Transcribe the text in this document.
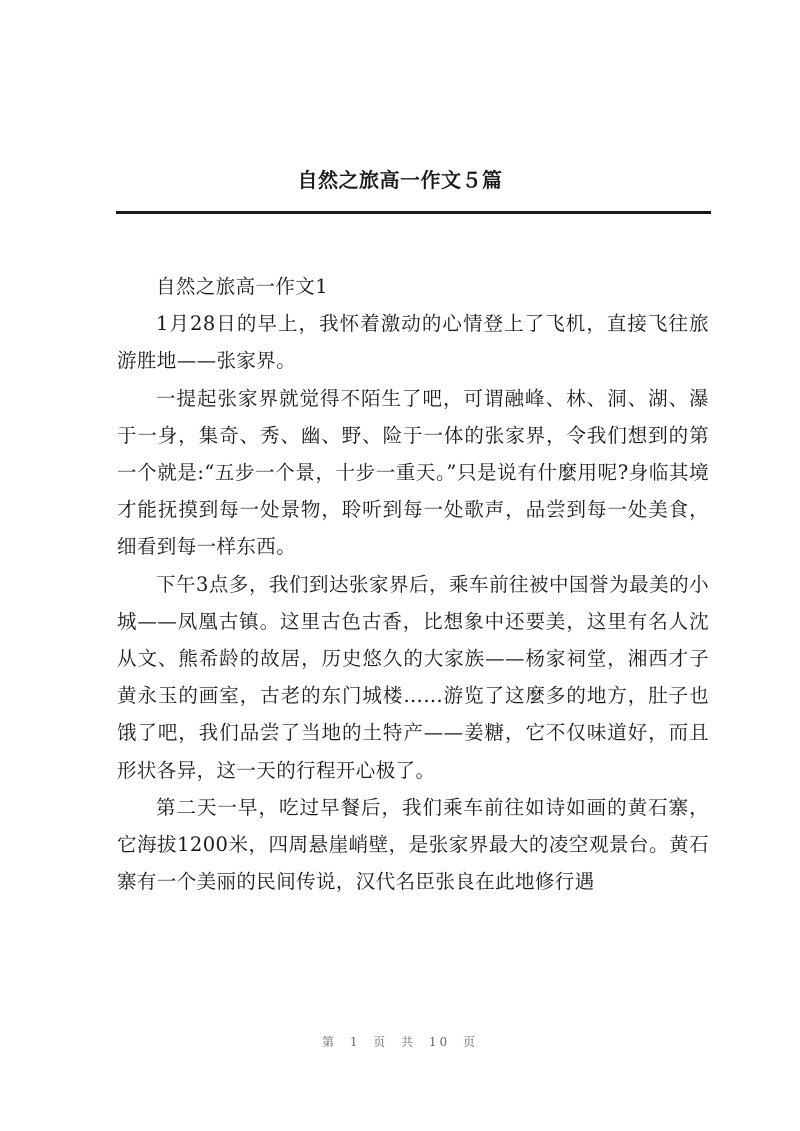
自然之旅高一作文５篇

自然之旅高一作文1

1月28日的早上，我怀着激动的心情登上了飞机，直接飞往旅游胜地——张家界。

一提起张家界就觉得不陌生了吧，可谓融峰、林、洞、湖、瀑于一身，集奇、秀、幽、野、险于一体的张家界，令我们想到的第一个就是:“五步一个景，十步一重天。”只是说有什麼用呢?身临其境才能抚摸到每一处景物，聆听到每一处歌声，品尝到每一处美食，细看到每一样东西。

下午3点多，我们到达张家界后，乘车前往被中国誉为最美的小城——凤凰古镇。这里古色古香，比想象中还要美，这里有名人沈从文、熊希龄的故居，历史悠久的大家族——杨家祠堂，湘西才子黄永玉的画室，古老的东门城楼……游览了这麼多的地方，肚子也饿了吧，我们品尝了当地的土特产——姜糖，它不仅味道好，而且形状各异，这一天的行程开心极了。

第二天一早，吃过早餐后，我们乘车前往如诗如画的黄石寨，它海拔1200米，四周悬崖峭壁，是张家界最大的凌空观景台。黄石寨有一个美丽的民间传说，汉代名臣张良在此地修行遇

第 1 页 共 10 页
